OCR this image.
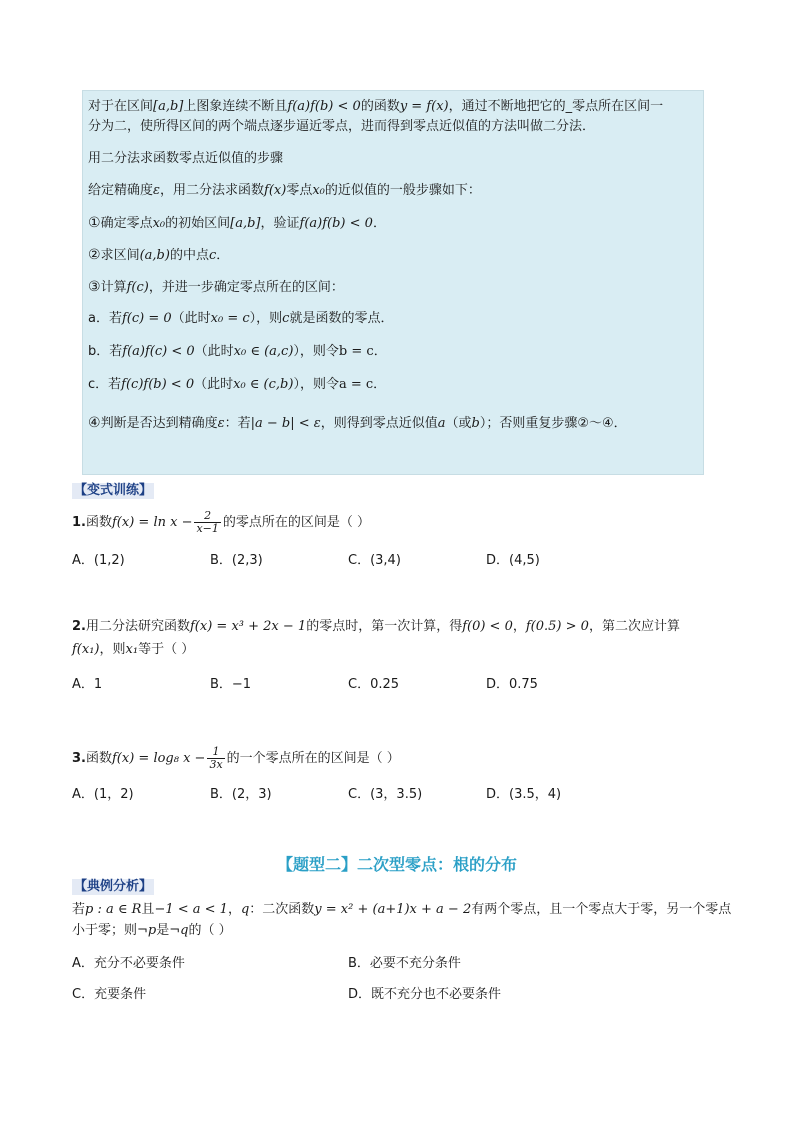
对于在区间[a,b]上图象连续不断且f(a)f(b) < 0的函数y = f(x)，通过不断地把它的_零点所在区间一
分为二，使所得区间的两个端点逐步逼近零点，进而得到零点近似值的方法叫做二分法．
用二分法求函数零点近似值的步骤
给定精确度ε，用二分法求函数f(x)零点x₀的近似值的一般步骤如下：
①确定零点x₀的初始区间[a,b]，验证f(a)f(b) < 0．
②求区间(a,b)的中点c．
③计算f(c)，并进一步确定零点所在的区间：
a．若f(c) = 0（此时x₀ = c），则c就是函数的零点．
b．若f(a)f(c) < 0（此时x₀ ∈ (a,c)），则令b = c．
c．若f(c)f(b) < 0（此时x₀ ∈ (c,b)），则令a = c．
④判断是否达到精确度ε：若|a − b| < ε，则得到零点近似值a（或b）；否则重复步骤②～④．
【变式训练】
1.函数$f(x) = \ln x - \frac{2}{x-1}$ 的零点所在的区间是（ ）
A．(1,2)	B．(2,3)	C．(3,4)	D．(4,5)
2.用二分法研究函数f(x) = x³ + 2x − 1的零点时，第一次计算，得f(0) < 0，f(0.5) > 0，第二次应计算
f(x₁)，则x₁等于（ ）
A．1	B．−1	C．0.25	D．0.75
3.函数f(x) = log₈ $x - \frac{1}{3x}$ 的一个零点所在的区间是（ ）
A．(1，2)	B．(2，3)	C．(3，3.5)	D．(3.5，4)
【题型二】二次型零点：根的分布
【典例分析】
若p : a ∈ R且−1 < a < 1，q：二次函数y = x² + (a+1)x + a − 2有两个零点，且一个零点大于零，另一个零点
小于零；则¬p是¬q的（ ）
A．充分不必要条件	B．必要不充分条件
C．充要条件	D．既不充分也不必要条件
